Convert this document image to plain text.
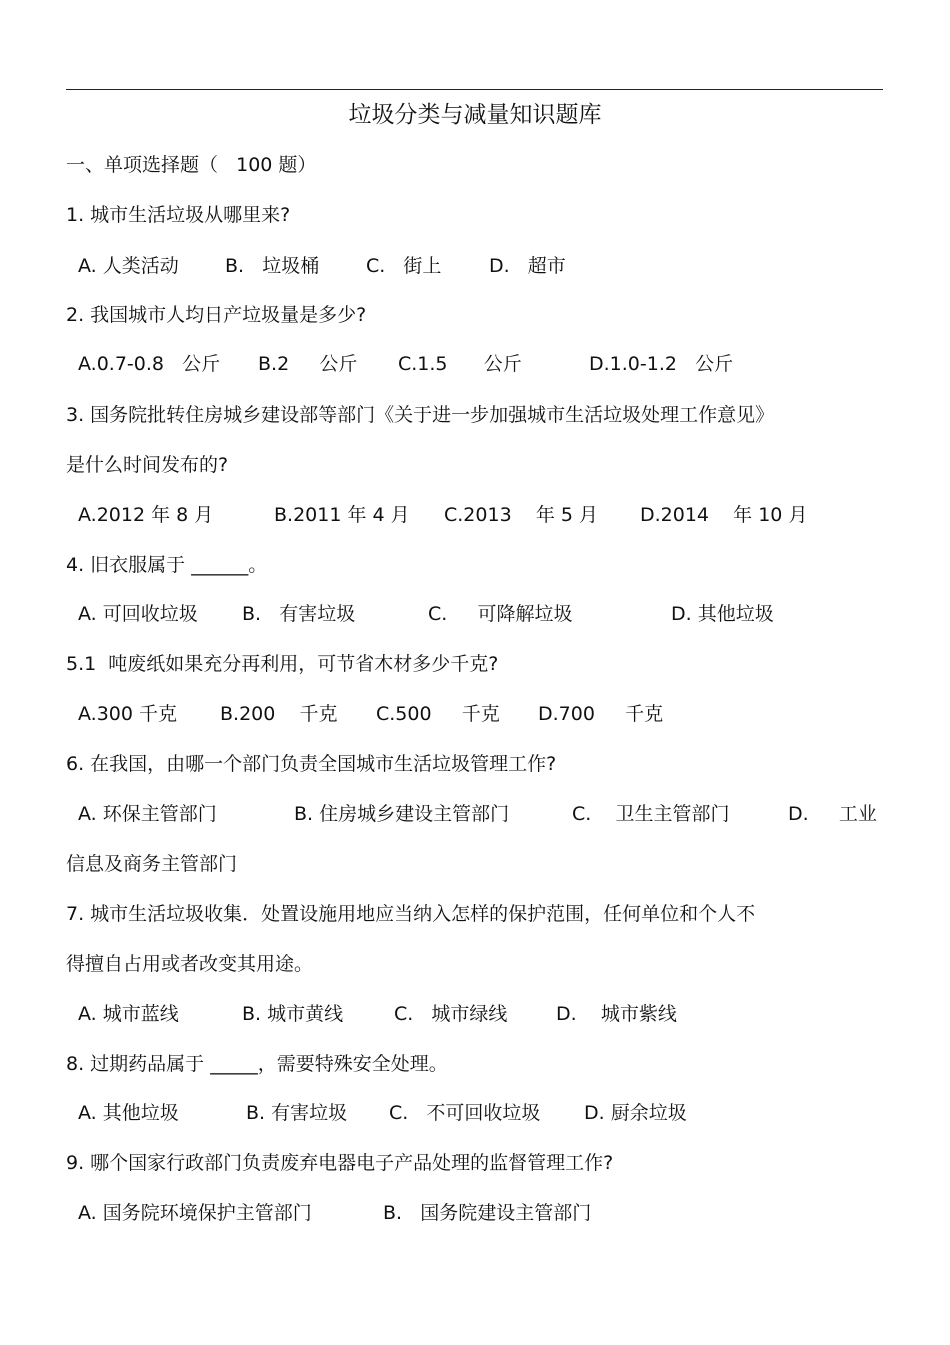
垃圾分类与减量知识题库
一、单项选择题（   100 题）
1. 城市生活垃圾从哪里来?
A. 人类活动 B.   垃圾桶 C.   街上	D.   超市
2. 我国城市人均日产垃圾量是多少?
A.0.7-0.8   公斤 B.2     公斤 C.1.5      公斤	D.1.0-1.2   公斤
3. 国务院批转住房城乡建设部等部门《关于进一步加强城市生活垃圾处理工作意见》
是什么时间发布的?
A.2012 年 8 月	B.2011 年 4 月 C.2013    年 5 月 D.2014    年 10 月
4. 旧衣服属于 ______。
A. 可回收垃圾 B.   有害垃圾	C.     可降解垃圾	D. 其他垃圾
5.1  吨废纸如果充分再利用，可节省木材多少千克?
A.300 千克 B.200    千克 C.500     千克 D.700     千克
6. 在我国，由哪一个部门负责全国城市生活垃圾管理工作?
A. 环保主管部门	B. 住房城乡建设主管部门	C.    卫生主管部门	D.     工业
信息及商务主管部门
7. 城市生活垃圾收集．处置设施用地应当纳入怎样的保护范围，任何单位和个人不
得擅自占用或者改变其用途。
A. 城市蓝线	B. 城市黄线	C.   城市绿线	D.    城市紫线
8. 过期药品属于 _____，需要特殊安全处理。
A. 其他垃圾	B. 有害垃圾 C.   不可回收垃圾 D. 厨余垃圾
9. 哪个国家行政部门负责废弃电器电子产品处理的监督管理工作?
A. 国务院环境保护主管部门	B.   国务院建设主管部门
